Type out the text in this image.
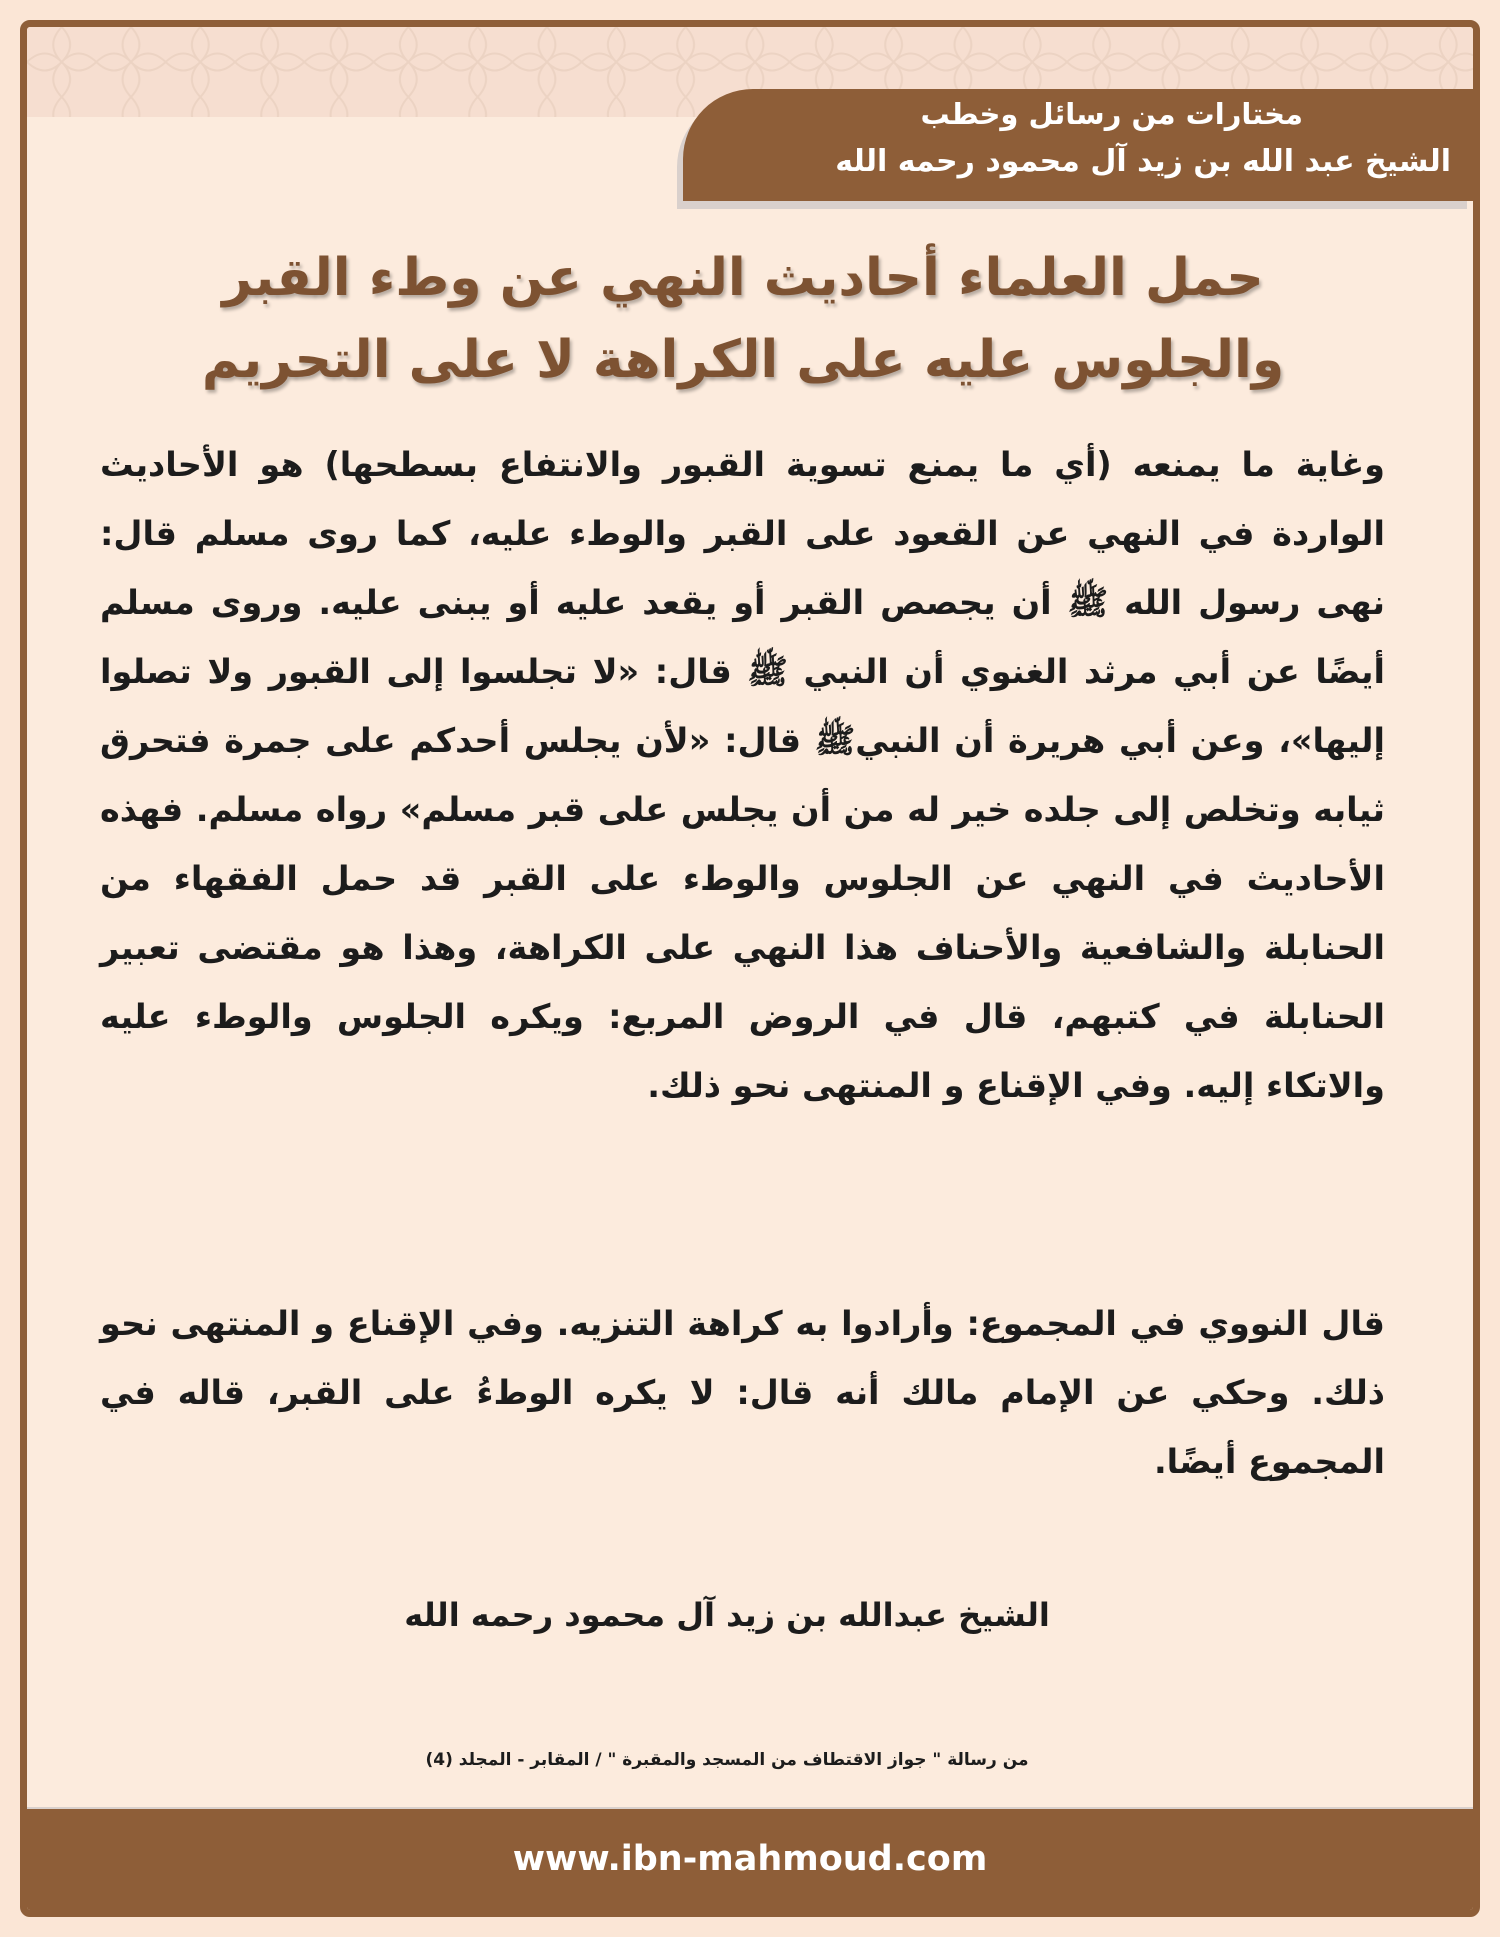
مختارات من رسائل وخطب
الشيخ عبد الله بن زيد آل محمود رحمه الله
حمل العلماء أحاديث النهي عن وطء القبر
والجلوس عليه على الكراهة لا على التحريم

وغاية ما يمنعه (أي ما يمنع تسوية القبور والانتفاع بسطحها) هو الأحاديث الواردة في النهي عن القعود على القبر والوطء عليه، كما روى مسلم قال: نهى رسول الله ﷺ أن يجصص القبر أو يقعد عليه أو يبنى عليه. وروى مسلم أيضًا عن أبي مرثد الغنوي أن النبي ﷺ قال: «لا تجلسوا إلى القبور ولا تصلوا إليها»، وعن أبي هريرة أن النبيﷺ قال: «لأن يجلس أحدكم على جمرة فتحرق ثيابه وتخلص إلى جلده خير له من أن يجلس على قبر مسلم» رواه مسلم. فهذه الأحاديث في النهي عن الجلوس والوطء على القبر قد حمل الفقهاء من الحنابلة والشافعية والأحناف هذا النهي على الكراهة، وهذا هو مقتضى تعبير الحنابلة في كتبهم، قال في الروض المربع: ويكره الجلوس والوطء عليه والاتكاء إليه. وفي الإقناع و المنتهى نحو ذلك.

قال النووي في المجموع: وأرادوا به كراهة التنزيه. وفي الإقناع و المنتهى نحو ذلك. وحكي عن الإمام مالك أنه قال: لا يكره الوطءُ على القبر، قاله في المجموع أيضًا.

الشيخ عبدالله بن زيد آل محمود رحمه الله
من رسالة " جواز الاقتطاف من المسجد والمقبرة " / المقابر - المجلد (4)
www.ibn-mahmoud.com
